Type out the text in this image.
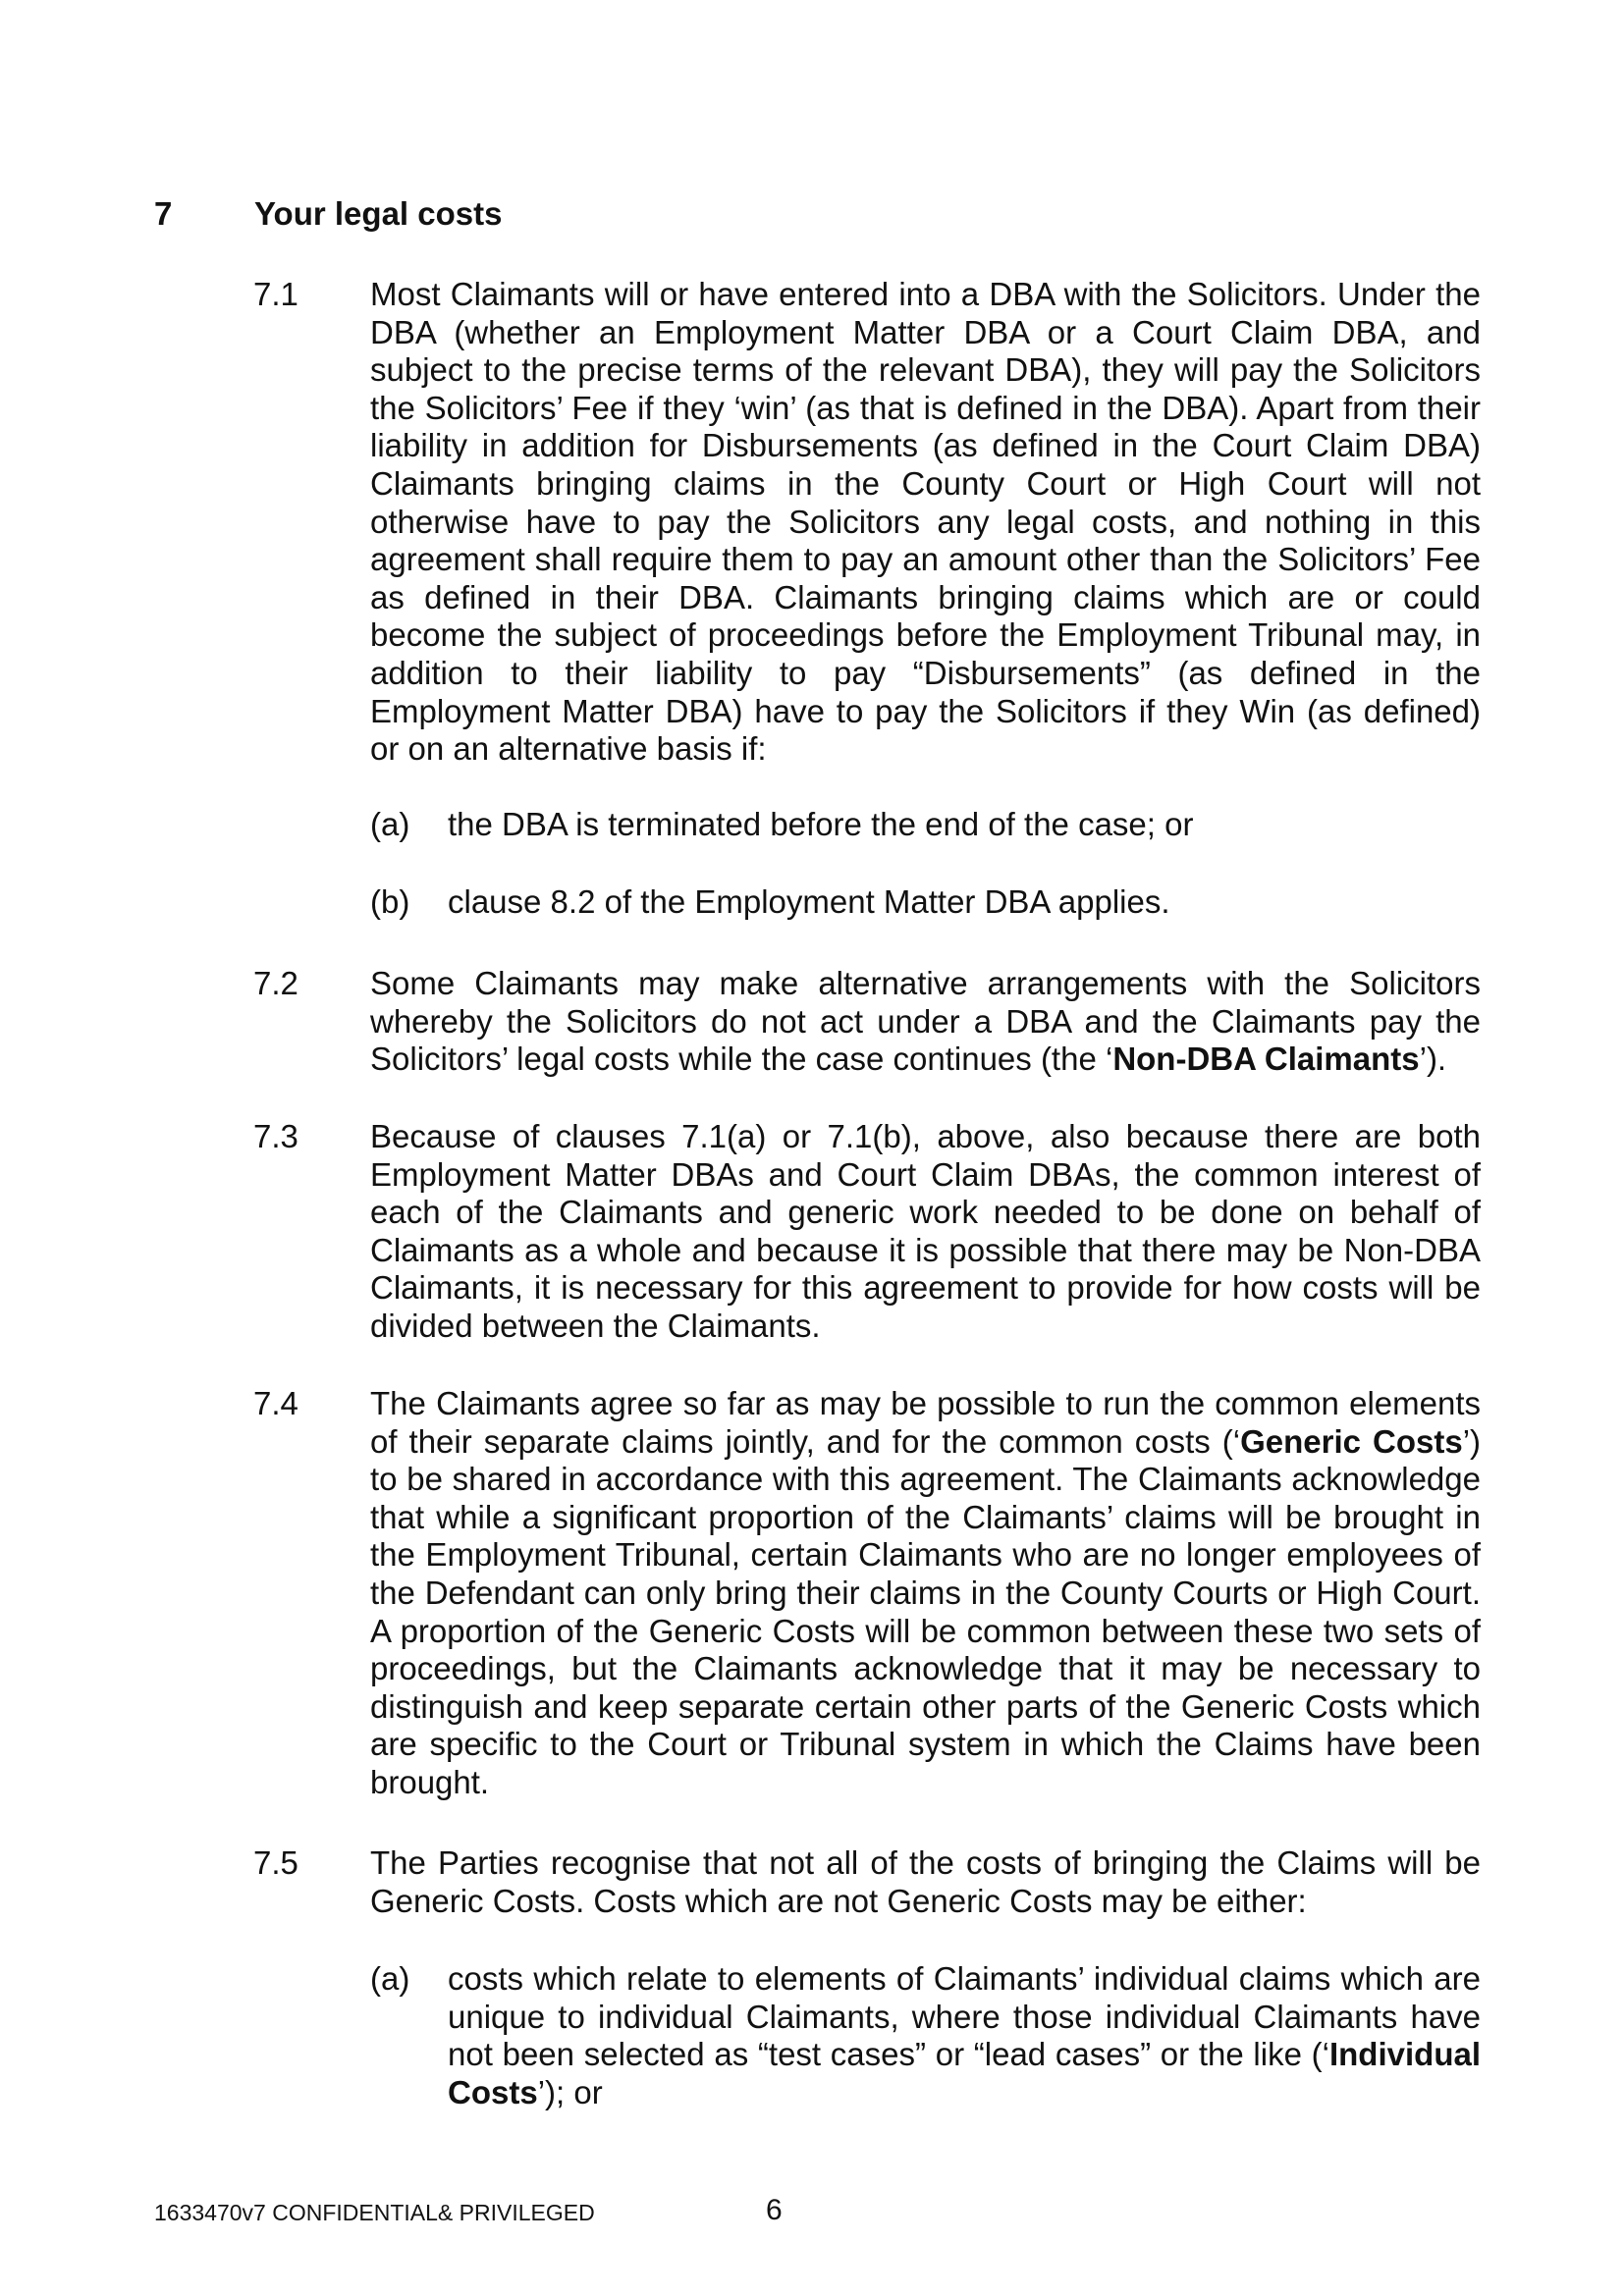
7	Your legal costs
7.1	Most Claimants will or have entered into a DBA with the Solicitors. Under the DBA (whether an Employment Matter DBA or a Court Claim DBA, and subject to the precise terms of the relevant DBA), they will pay the Solicitors the Solicitors’ Fee if they ‘win’ (as that is defined in the DBA). Apart from their liability in addition for Disbursements (as defined in the Court Claim DBA) Claimants bringing claims in the County Court or High Court will not otherwise have to pay the Solicitors any legal costs, and nothing in this agreement shall require them to pay an amount other than the Solicitors’ Fee as defined in their DBA. Claimants bringing claims which are or could become the subject of proceedings before the Employment Tribunal may, in addition to their liability to pay “Disbursements” (as defined in the Employment Matter DBA) have to pay the Solicitors if they Win (as defined) or on an alternative basis if:
(a) the DBA is terminated before the end of the case; or
(b) clause 8.2 of the Employment Matter DBA applies.
7.2	Some Claimants may make alternative arrangements with the Solicitors whereby the Solicitors do not act under a DBA and the Claimants pay the Solicitors’ legal costs while the case continues (the ‘Non-DBA Claimants’).
7.3	Because of clauses 7.1(a) or 7.1(b), above, also because there are both Employment Matter DBAs and Court Claim DBAs, the common interest of each of the Claimants and generic work needed to be done on behalf of Claimants as a whole and because it is possible that there may be Non-DBA Claimants, it is necessary for this agreement to provide for how costs will be divided between the Claimants.
7.4	The Claimants agree so far as may be possible to run the common elements of their separate claims jointly, and for the common costs (‘Generic Costs’) to be shared in accordance with this agreement. The Claimants acknowledge that while a significant proportion of the Claimants’ claims will be brought in the Employment Tribunal, certain Claimants who are no longer employees of the Defendant can only bring their claims in the County Courts or High Court. A proportion of the Generic Costs will be common between these two sets of proceedings, but the Claimants acknowledge that it may be necessary to distinguish and keep separate certain other parts of the Generic Costs which are specific to the Court or Tribunal system in which the Claims have been brought.
7.5	The Parties recognise that not all of the costs of bringing the Claims will be Generic Costs. Costs which are not Generic Costs may be either:
(a) costs which relate to elements of Claimants’ individual claims which are unique to individual Claimants, where those individual Claimants have not been selected as “test cases” or “lead cases” or the like (‘Individual Costs’); or
1633470v7 CONFIDENTIAL& PRIVILEGED	6
